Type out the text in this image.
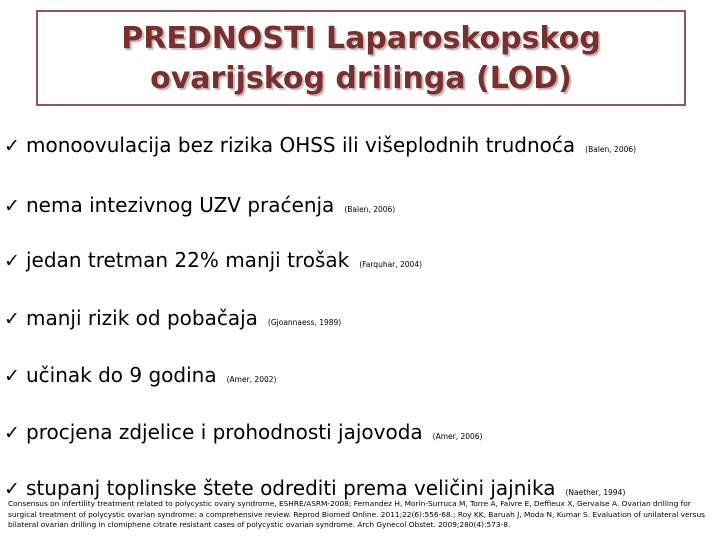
PREDNOSTI Laparoskopskog
ovarijskog drilinga (LOD)
✓ monoovulacija bez rizika OHSS ili višeplodnih trudnoća (Balen, 2006)
✓ nema intezivnog UZV praćenja (Balen, 2006)
✓ jedan tretman 22% manji trošak (Farquhar, 2004)
✓ manji rizik od pobačaja (Gjoannaess, 1989)
✓ učinak do 9 godina (Amer, 2002)
✓ procjena zdjelice i prohodnosti jajovoda (Amer, 2006)
✓ stupanj toplinske štete odrediti prema veličini jajnika (Naether, 1994)
Consensus on infertility treatment related to polycystic ovary syndrome, ESHRE/ASRM-2008; Fernandez H, Morin-Surruca M, Torre A, Faivre E, Deffieux X, Gervaise A. Ovarian drilling for surgical treatment of polycystic ovarian syndrome: a comprehensive review. Reprod Biomed Online. 2011;22(6):556-68.; Roy KK, Baruah J, Moda N, Kumar S. Evaluation of unilateral versus bilateral ovarian drilling in clomiphene citrate resistant cases of polycystic ovarian syndrome. Arch Gynecol Obstet. 2009;280(4):573-8.
